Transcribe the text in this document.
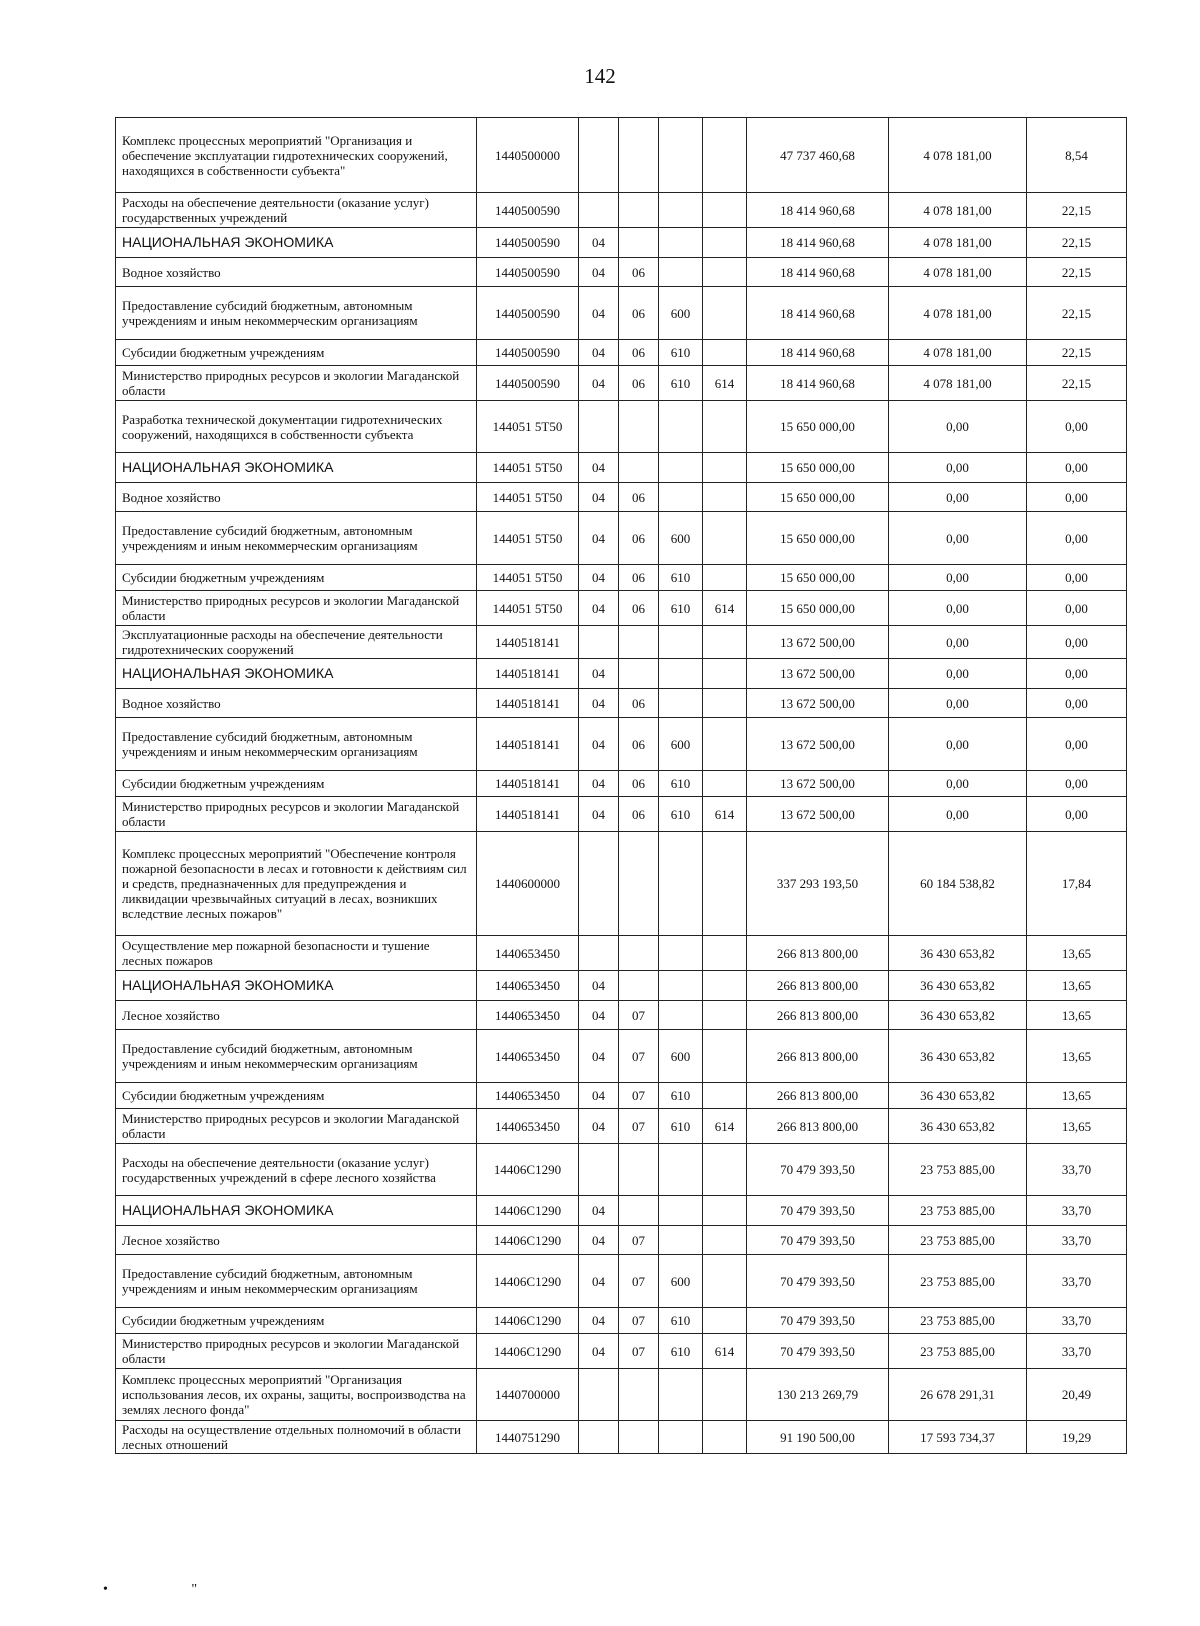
142
Комплекс процессных мероприятий "Организация и обеспечение эксплуатации гидротехнических сооружений, находящихся в собственности субъекта"	1440500000					47 737 460,68	4 078 181,00	8,54
Расходы на обеспечение деятельности (оказание услуг) государственных учреждений	1440500590					18 414 960,68	4 078 181,00	22,15
НАЦИОНАЛЬНАЯ ЭКОНОМИКА	1440500590	04				18 414 960,68	4 078 181,00	22,15
Водное хозяйство	1440500590	04	06			18 414 960,68	4 078 181,00	22,15
Предоставление субсидий бюджетным, автономным учреждениям и иным некоммерческим организациям	1440500590	04	06	600		18 414 960,68	4 078 181,00	22,15
Субсидии бюджетным учреждениям	1440500590	04	06	610		18 414 960,68	4 078 181,00	22,15
Министерство природных ресурсов и экологии Магаданской области	1440500590	04	06	610	614	18 414 960,68	4 078 181,00	22,15
Разработка технической документации гидротехнических сооружений, находящихся в собственности субъекта	144051 5Т50					15 650 000,00	0,00	0,00
НАЦИОНАЛЬНАЯ ЭКОНОМИКА	144051 5Т50	04				15 650 000,00	0,00	0,00
Водное хозяйство	144051 5Т50	04	06			15 650 000,00	0,00	0,00
Предоставление субсидий бюджетным, автономным учреждениям и иным некоммерческим организациям	144051 5Т50	04	06	600		15 650 000,00	0,00	0,00
Субсидии бюджетным учреждениям	144051 5Т50	04	06	610		15 650 000,00	0,00	0,00
Министерство природных ресурсов и экологии Магаданской области	144051 5Т50	04	06	610	614	15 650 000,00	0,00	0,00
Эксплуатационные расходы на обеспечение деятельности гидротехнических сооружений	1440518141					13 672 500,00	0,00	0,00
НАЦИОНАЛЬНАЯ ЭКОНОМИКА	1440518141	04				13 672 500,00	0,00	0,00
Водное хозяйство	1440518141	04	06			13 672 500,00	0,00	0,00
Предоставление субсидий бюджетным, автономным учреждениям и иным некоммерческим организациям	1440518141	04	06	600		13 672 500,00	0,00	0,00
Субсидии бюджетным учреждениям	1440518141	04	06	610		13 672 500,00	0,00	0,00
Министерство природных ресурсов и экологии Магаданской области	1440518141	04	06	610	614	13 672 500,00	0,00	0,00
Комплекс процессных мероприятий "Обеспечение контроля пожарной безопасности в лесах и готовности к действиям сил и средств, предназначенных для предупреждения и ликвидации чрезвычайных ситуаций в лесах, возникших вследствие лесных пожаров"	1440600000					337 293 193,50	60 184 538,82	17,84
Осуществление мер пожарной безопасности и тушение лесных пожаров	1440653450					266 813 800,00	36 430 653,82	13,65
НАЦИОНАЛЬНАЯ ЭКОНОМИКА	1440653450	04				266 813 800,00	36 430 653,82	13,65
Лесное хозяйство	1440653450	04	07			266 813 800,00	36 430 653,82	13,65
Предоставление субсидий бюджетным, автономным учреждениям и иным некоммерческим организациям	1440653450	04	07	600		266 813 800,00	36 430 653,82	13,65
Субсидии бюджетным учреждениям	1440653450	04	07	610		266 813 800,00	36 430 653,82	13,65
Министерство природных ресурсов и экологии Магаданской области	1440653450	04	07	610	614	266 813 800,00	36 430 653,82	13,65
Расходы на обеспечение деятельности (оказание услуг) государственных учреждений в сфере лесного хозяйства	14406С1290					70 479 393,50	23 753 885,00	33,70
НАЦИОНАЛЬНАЯ ЭКОНОМИКА	14406С1290	04				70 479 393,50	23 753 885,00	33,70
Лесное хозяйство	14406С1290	04	07			70 479 393,50	23 753 885,00	33,70
Предоставление субсидий бюджетным, автономным учреждениям и иным некоммерческим организациям	14406С1290	04	07	600		70 479 393,50	23 753 885,00	33,70
Субсидии бюджетным учреждениям	14406С1290	04	07	610		70 479 393,50	23 753 885,00	33,70
Министерство природных ресурсов и экологии Магаданской области	14406С1290	04	07	610	614	70 479 393,50	23 753 885,00	33,70
Комплекс процессных мероприятий "Организация использования лесов, их охраны, защиты, воспроизводства на землях лесного фонда"	1440700000					130 213 269,79	26 678 291,31	20,49
Расходы на осуществление отдельных полномочий в области лесных отношений	1440751290					91 190 500,00	17 593 734,37	19,29
• "
